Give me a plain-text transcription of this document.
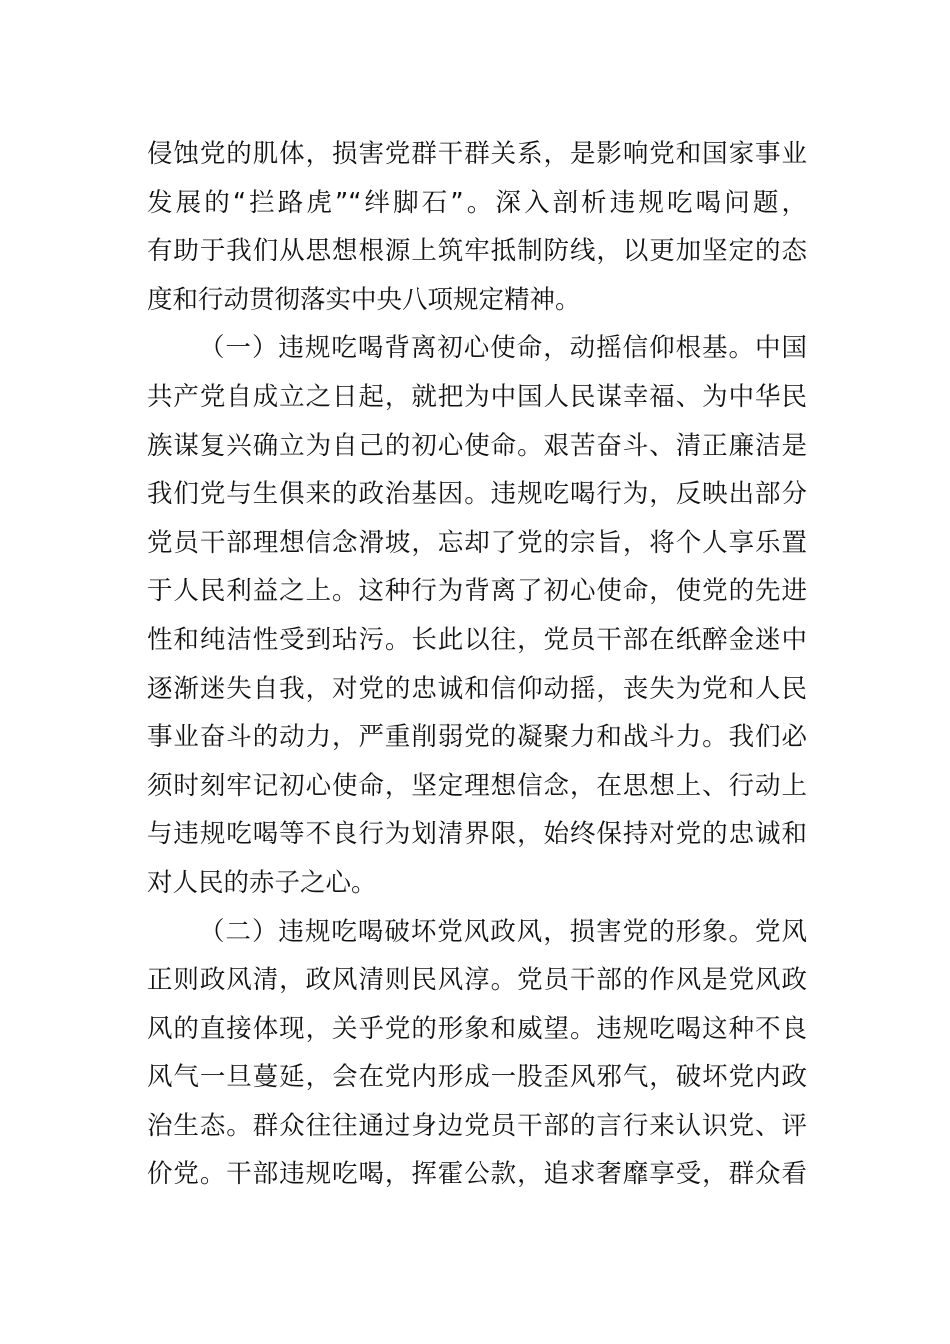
侵蚀党的肌体，损害党群干群关系，是影响党和国家事业
发展的“拦路虎”“绊脚石”。深入剖析违规吃喝问题，
有助于我们从思想根源上筑牢抵制防线，以更加坚定的态
度和行动贯彻落实中央八项规定精神。
（一）违规吃喝背离初心使命，动摇信仰根基。中国
共产党自成立之日起，就把为中国人民谋幸福、为中华民
族谋复兴确立为自己的初心使命。艰苦奋斗、清正廉洁是
我们党与生俱来的政治基因。违规吃喝行为，反映出部分
党员干部理想信念滑坡，忘却了党的宗旨，将个人享乐置
于人民利益之上。这种行为背离了初心使命，使党的先进
性和纯洁性受到玷污。长此以往，党员干部在纸醉金迷中
逐渐迷失自我，对党的忠诚和信仰动摇，丧失为党和人民
事业奋斗的动力，严重削弱党的凝聚力和战斗力。我们必
须时刻牢记初心使命，坚定理想信念，在思想上、行动上
与违规吃喝等不良行为划清界限，始终保持对党的忠诚和
对人民的赤子之心。
（二）违规吃喝破坏党风政风，损害党的形象。党风
正则政风清，政风清则民风淳。党员干部的作风是党风政
风的直接体现，关乎党的形象和威望。违规吃喝这种不良
风气一旦蔓延，会在党内形成一股歪风邪气，破坏党内政
治生态。群众往往通过身边党员干部的言行来认识党、评
价党。干部违规吃喝，挥霍公款，追求奢靡享受，群众看
